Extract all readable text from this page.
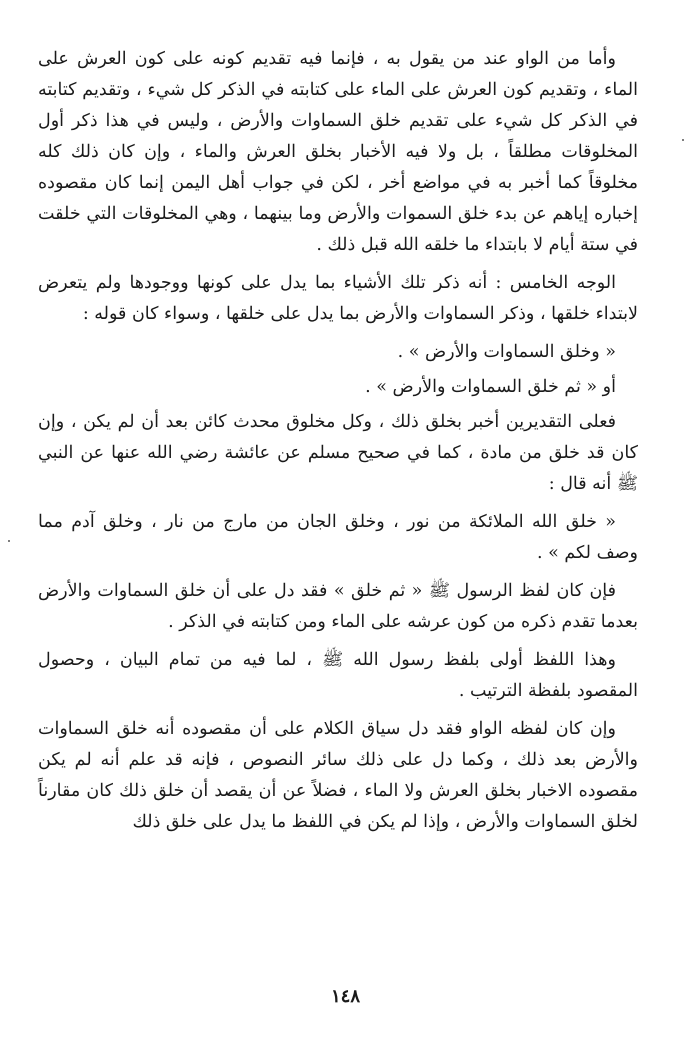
وأما من الواو عند من يقول به ، فإنما فيه تقديم كونه على كون العرش على الماء ، وتقديم كون العرش على الماء على كتابته في الذكر كل شيء ، وتقديم كتابته في الذكر كل شيء على تقديم خلق السماوات والأرض ، وليس في هذا ذكر أول المخلوقات مطلقاً ، بل ولا فيه الأخبار بخلق العرش والماء ، وإن كان ذلك كله مخلوقاً كما أخبر به في مواضع أخر ، لكن في جواب أهل اليمن إنما كان مقصوده إخباره إياهم عن بدء خلق السموات والأرض وما بينهما ، وهي المخلوقات التي خلقت في ستة أيام لا بابتداء ما خلقه الله قبل ذلك .

الوجه الخامس : أنه ذكر تلك الأشياء بما يدل على كونها ووجودها ولم يتعرض لابتداء خلقها ، وذكر السماوات والأرض بما يدل على خلقها ، وسواء كان قوله :

« وخلق السماوات والأرض » .

أو « ثم خلق السماوات والأرض » .

فعلى التقديرين أخبر بخلق ذلك ، وكل مخلوق محدث كائن بعد أن لم يكن ، وإن كان قد خلق من مادة ، كما في صحيح مسلم عن عائشة رضي الله عنها عن النبي ﷺ أنه قال :

« خلق الله الملائكة من نور ، وخلق الجان من مارج من نار ، وخلق آدم مما وصف لكم » .

فإن كان لفظ الرسول ﷺ « ثم خلق » فقد دل على أن خلق السماوات والأرض بعدما تقدم ذكره من كون عرشه على الماء ومن كتابته في الذكر .

وهذا اللفظ أولى بلفظ رسول الله ﷺ ، لما فيه من تمام البيان ، وحصول المقصود بلفظة الترتيب .

وإن كان لفظه الواو فقد دل سياق الكلام على أن مقصوده أنه خلق السماوات والأرض بعد ذلك ، وكما دل على ذلك سائر النصوص ، فإنه قد علم أنه لم يكن مقصوده الاخبار بخلق العرش ولا الماء ، فضلاً عن أن يقصد أن خلق ذلك كان مقارناً لخلق السماوات والأرض ، وإذا لم يكن في اللفظ ما يدل على خلق ذلك

١٤٨
